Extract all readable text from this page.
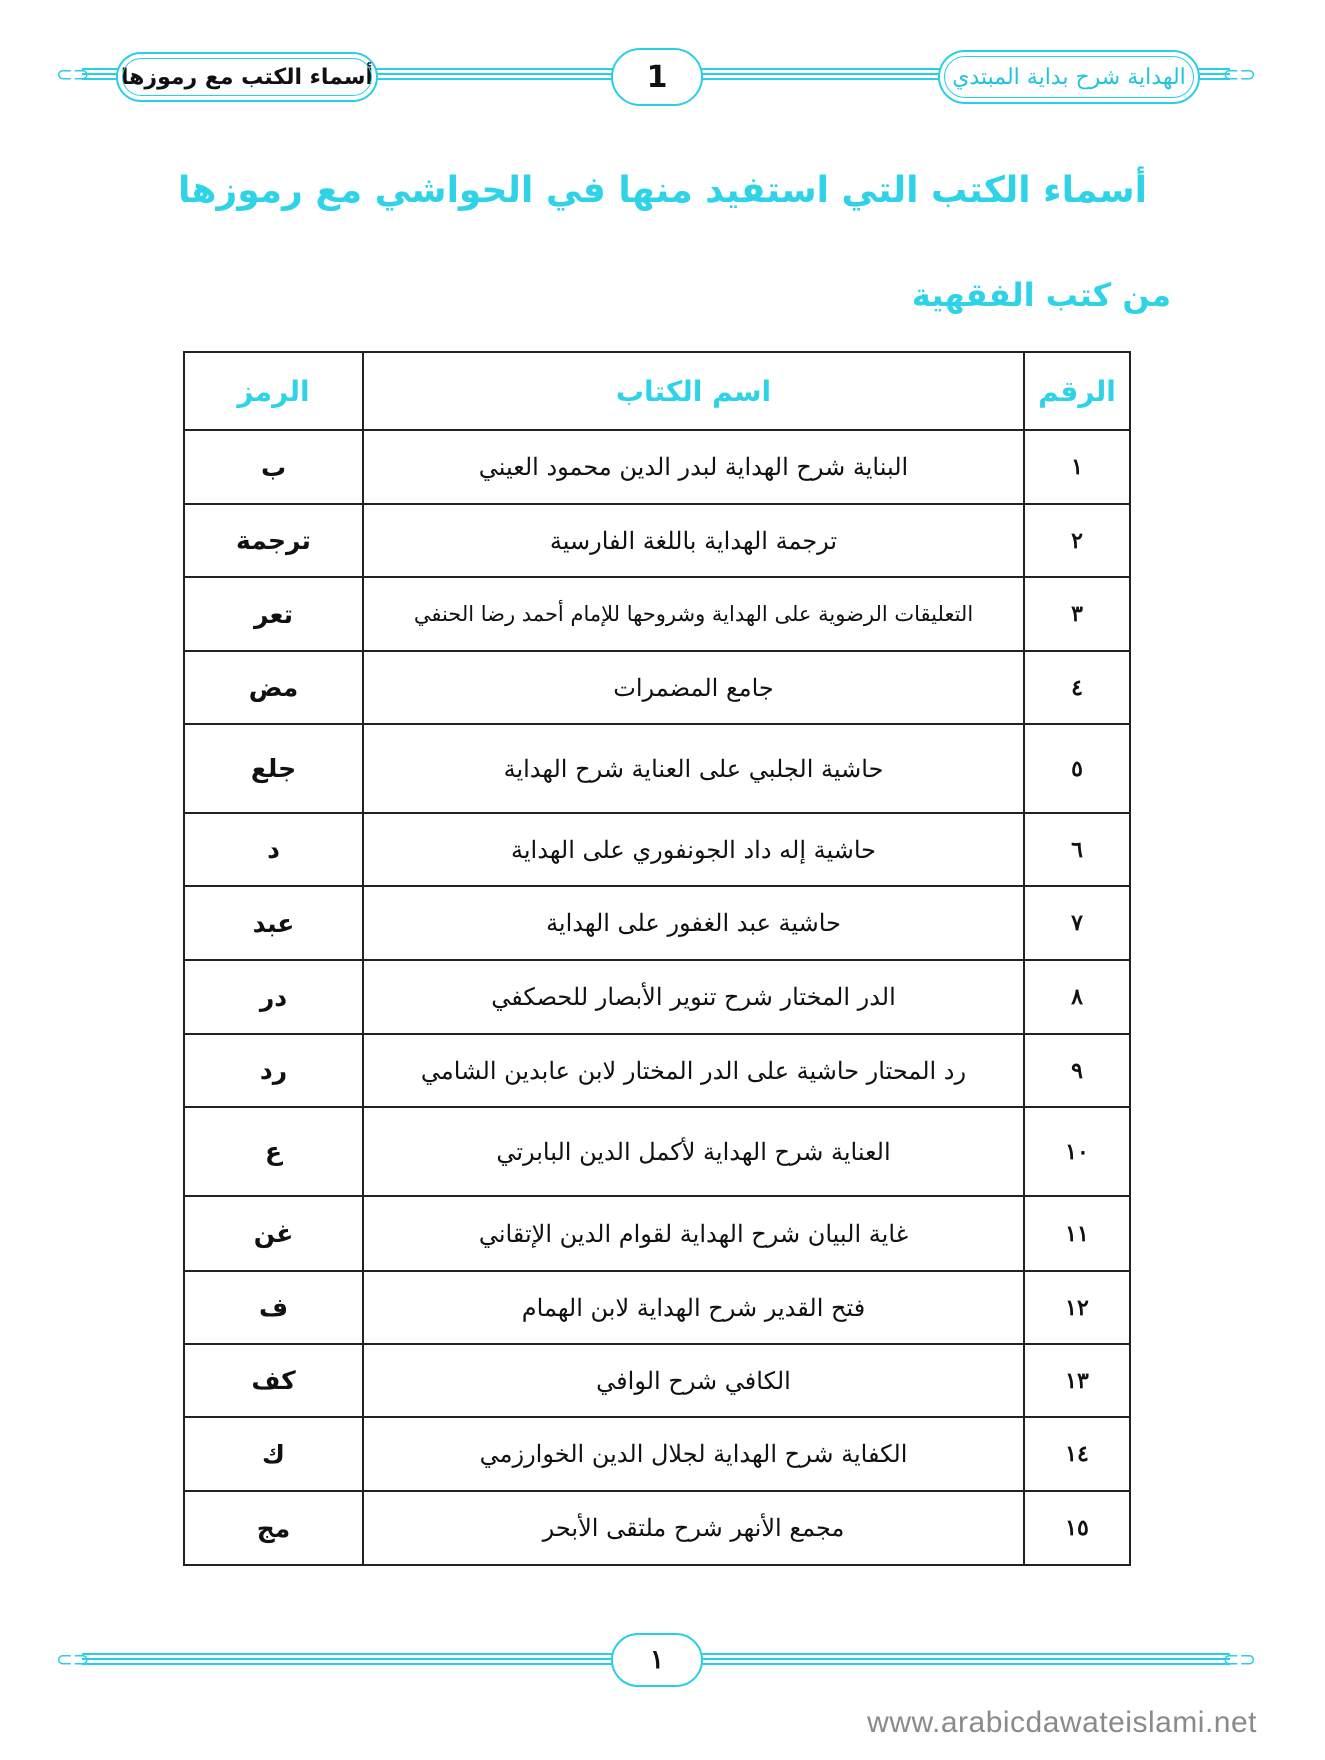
⊂⊃	⊂⊃
أسماء الكتب مع رموزها	1	الهداية شرح بداية المبتدي
أسماء الكتب التي استفيد منها في الحواشي مع رموزها
من كتب الفقهية
الرقم	اسم الكتاب	الرمز
١	البناية شرح الهداية لبدر الدين محمود العيني	ب
٢	ترجمة الهداية باللغة الفارسية	ترجمة
٣	التعليقات الرضوية على الهداية وشروحها للإمام أحمد رضا الحنفي	تعر
٤	جامع المضمرات	مض
٥	حاشية الجلبي على العناية شرح الهداية	جلع
٦	حاشية إله داد الجونفوري على الهداية	د
٧	حاشية عبد الغفور على الهداية	عبد
٨	الدر المختار شرح تنوير الأبصار للحصكفي	در
٩	رد المحتار حاشية على الدر المختار لابن عابدين الشامي	رد
١٠	العناية شرح الهداية لأكمل الدين البابرتي	ع
١١	غاية البيان شرح الهداية لقوام الدين الإتقاني	غن
١٢	فتح القدير شرح الهداية لابن الهمام	ف
١٣	الكافي شرح الوافي	كف
١٤	الكفاية شرح الهداية لجلال الدين الخوارزمي	ك
١٥	مجمع الأنهر شرح ملتقى الأبحر	مج
⊂⊃	⊂⊃
١
www.arabicdawateislami.net
